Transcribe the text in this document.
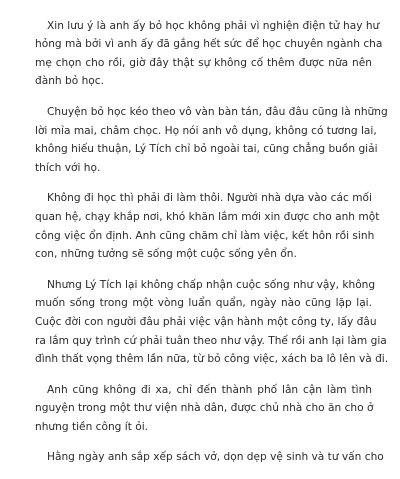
Xin lưu ý là anh ấy bỏ học không phải vì nghiện điện tử hay hư
hỏng mà bởi vì anh ấy đã gắng hết sức để học chuyên ngành cha
mẹ chọn cho rồi, giờ đây thật sự không cố thêm được nữa nên
đành bỏ học.
Chuyện bỏ học kéo theo vô vàn bàn tán, đâu đâu cũng là những
lời mỉa mai, châm chọc. Họ nói anh vô dụng, không có tương lai,
không hiếu thuận, Lý Tích chỉ bỏ ngoài tai, cũng chẳng buồn giải
thích với họ.
Không đi học thì phải đi làm thôi. Người nhà dựa vào các mối
quan hệ, chạy khắp nơi, khó khăn lắm mới xin được cho anh một
công việc ổn định. Anh cũng chăm chỉ làm việc, kết hôn rồi sinh
con, những tưởng sẽ sống một cuộc sống yên ổn.
Nhưng Lý Tích lại không chấp nhận cuộc sống như vậy, không
muốn sống trong một vòng luẩn quẩn, ngày nào cũng lặp lại.
Cuộc đời con người đâu phải việc vận hành một công ty, lấy đâu
ra lắm quy trình cứ phải tuân theo như vậy. Thế rồi anh lại làm gia
đình thất vọng thêm lần nữa, từ bỏ công việc, xách ba lô lên và đi.
Anh cũng không đi xa, chỉ đến thành phố lân cận làm tình
nguyện trong một thư viện nhà dân, được chủ nhà cho ăn cho ở
nhưng tiền công ít ỏi.
Hằng ngày anh sắp xếp sách vở, dọn dẹp vệ sinh và tư vấn cho
